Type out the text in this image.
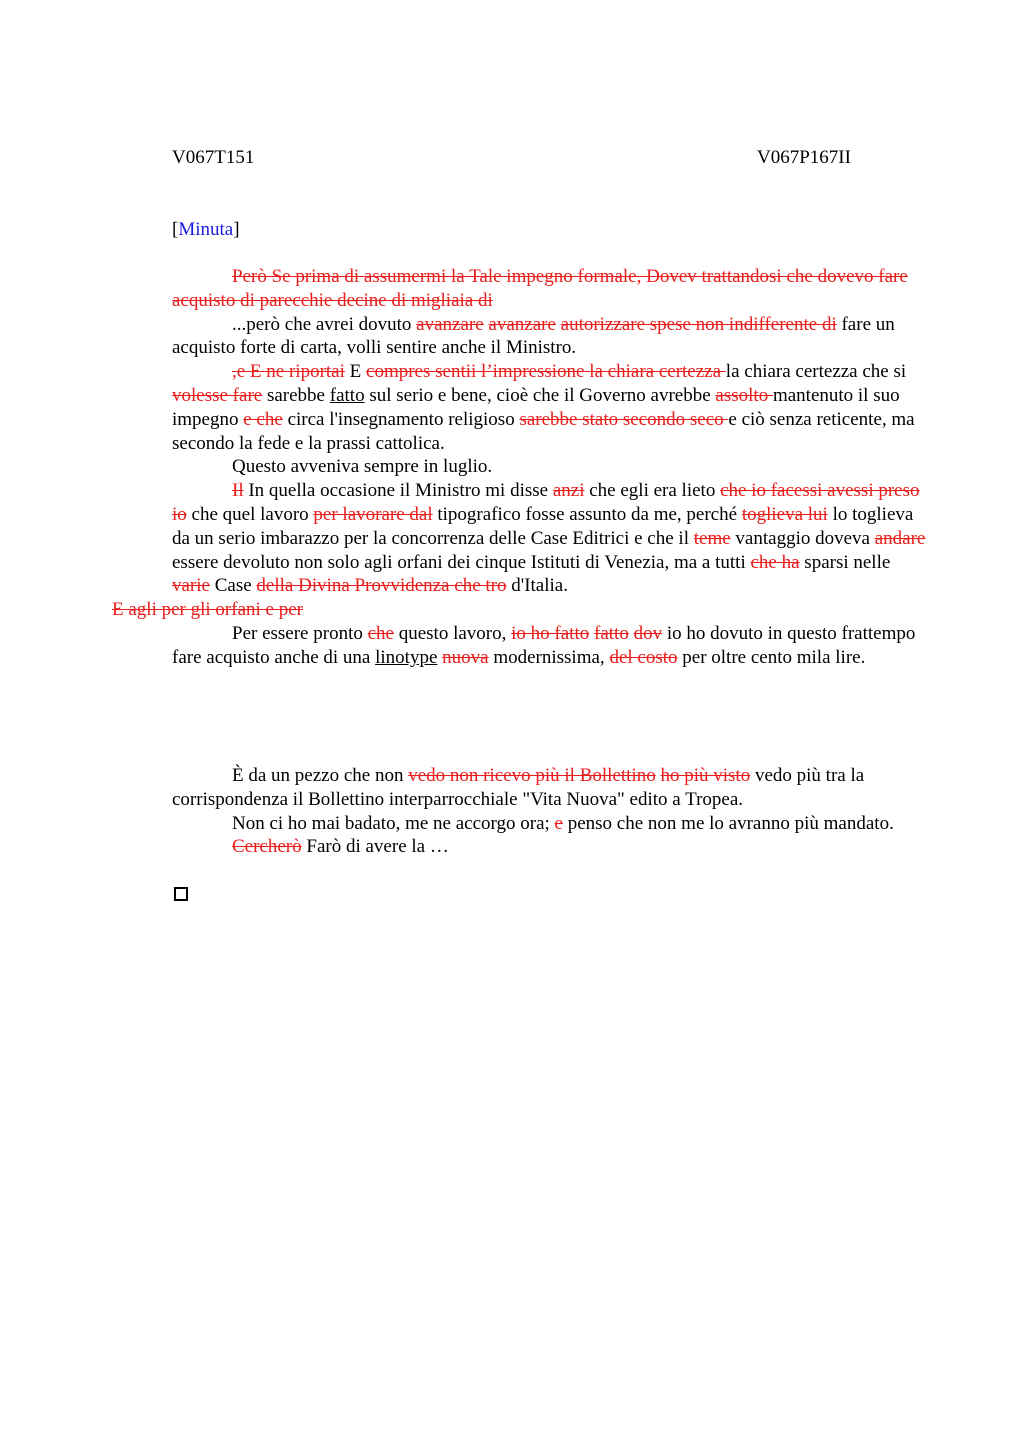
V067T151	V067P167II
[Minuta]

Però Se prima di assumermi la Tale impegno formale, Dovev trattandosi che dovevo fare acquisto di parecchie decine di migliaia di

...però che avrei dovuto avanzare avanzare autorizzare spese non indifferente di fare un acquisto forte di carta, volli sentire anche il Ministro.

,e E ne riportai E compres sentii l’impressione la chiara certezza la chiara certezza che si volesse fare sarebbe fatto sul serio e bene, cioè che il Governo avrebbe assolto mantenuto il suo impegno e che circa l'insegnamento religioso sarebbe stato secondo seco e ciò senza reticente, ma secondo la fede e la prassi cattolica.

Questo avveniva sempre in luglio.

Il In quella occasione il Ministro mi disse anzi che egli era lieto che io facessi avessi preso io che quel lavoro per lavorare dal tipografico fosse assunto da me, perché toglieva lui lo toglieva da un serio imbarazzo per la concorrenza delle Case Editrici e che il teme vantaggio doveva andare essere devoluto non solo agli orfani dei cinque Istituti di Venezia, ma a tutti che ha sparsi nelle varie Case della Divina Provvidenza che tro d'Italia.
E agli per gli orfani e per

Per essere pronto che questo lavoro, io ho fatto fatto dov io ho dovuto in questo frattempo fare acquisto anche di una linotype nuova modernissima, del costo per oltre cento mila lire.

È da un pezzo che non vedo non ricevo più il Bollettino ho più visto vedo più tra la corrispondenza il Bollettino interparrocchiale "Vita Nuova" edito a Tropea.

Non ci ho mai badato, me ne accorgo ora; e penso che non me lo avranno più mandato.

Cercherò Farò di avere la …
